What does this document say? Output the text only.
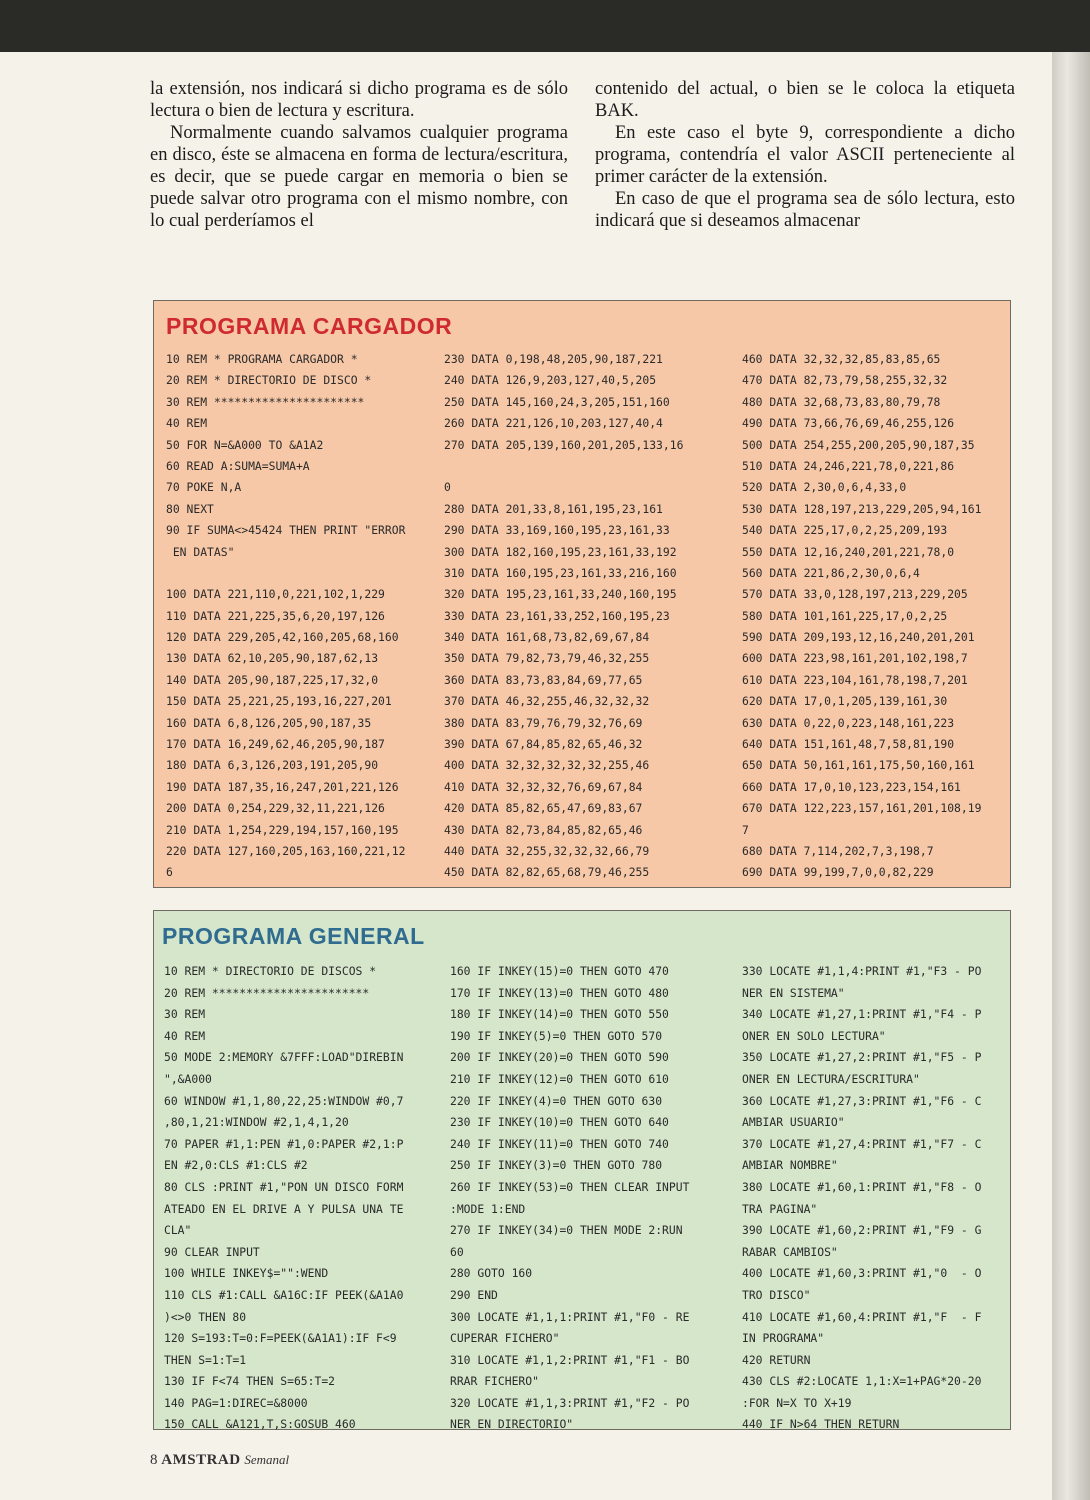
la extensión, nos indicará si dicho programa es de sólo lectura o bien de lectura y escritura.

Normalmente cuando salvamos cualquier programa en disco, éste se almacena en forma de lectura/escritura, es decir, que se puede cargar en memoria o bien se puede salvar otro programa con el mismo nombre, con lo cual perderíamos el

contenido del actual, o bien se le coloca la etiqueta BAK.

En este caso el byte 9, correspondiente a dicho programa, contendría el valor ASCII perteneciente al primer carácter de la extensión.

En caso de que el programa sea de sólo lectura, esto indicará que si deseamos almacenar

PROGRAMA CARGADOR
10 REM * PROGRAMA CARGADOR *
20 REM * DIRECTORIO DE DISCO *
30 REM **********************
40 REM
50 FOR N=&A000 TO &A1A2
60 READ A:SUMA=SUMA+A
70 POKE N,A
80 NEXT
90 IF SUMA<>45424 THEN PRINT "ERROR
EN DATAS"
100 DATA 221,110,0,221,102,1,229
110 DATA 221,225,35,6,20,197,126
120 DATA 229,205,42,160,205,68,160
130 DATA 62,10,205,90,187,62,13
140 DATA 205,90,187,225,17,32,0
150 DATA 25,221,25,193,16,227,201
160 DATA 6,8,126,205,90,187,35
170 DATA 16,249,62,46,205,90,187
180 DATA 6,3,126,203,191,205,90
190 DATA 187,35,16,247,201,221,126
200 DATA 0,254,229,32,11,221,126
210 DATA 1,254,229,194,157,160,195
220 DATA 127,160,205,163,160,221,12
6
230 DATA 0,198,48,205,90,187,221
240 DATA 126,9,203,127,40,5,205
250 DATA 145,160,24,3,205,151,160
260 DATA 221,126,10,203,127,40,4
270 DATA 205,139,160,201,205,133,16
0
280 DATA 201,33,8,161,195,23,161
290 DATA 33,169,160,195,23,161,33
300 DATA 182,160,195,23,161,33,192
310 DATA 160,195,23,161,33,216,160
320 DATA 195,23,161,33,240,160,195
330 DATA 23,161,33,252,160,195,23
340 DATA 161,68,73,82,69,67,84
350 DATA 79,82,73,79,46,32,255
360 DATA 83,73,83,84,69,77,65
370 DATA 46,32,255,46,32,32,32
380 DATA 83,79,76,79,32,76,69
390 DATA 67,84,85,82,65,46,32
400 DATA 32,32,32,32,32,255,46
410 DATA 32,32,32,76,69,67,84
420 DATA 85,82,65,47,69,83,67
430 DATA 82,73,84,85,82,65,46
440 DATA 32,255,32,32,32,66,79
450 DATA 82,82,65,68,79,46,255
460 DATA 32,32,32,85,83,85,65
470 DATA 82,73,79,58,255,32,32
480 DATA 32,68,73,83,80,79,78
490 DATA 73,66,76,69,46,255,126
500 DATA 254,255,200,205,90,187,35
510 DATA 24,246,221,78,0,221,86
520 DATA 2,30,0,6,4,33,0
530 DATA 128,197,213,229,205,94,161
540 DATA 225,17,0,2,25,209,193
550 DATA 12,16,240,201,221,78,0
560 DATA 221,86,2,30,0,6,4
570 DATA 33,0,128,197,213,229,205
580 DATA 101,161,225,17,0,2,25
590 DATA 209,193,12,16,240,201,201
600 DATA 223,98,161,201,102,198,7
610 DATA 223,104,161,78,198,7,201
620 DATA 17,0,1,205,139,161,30
630 DATA 0,22,0,223,148,161,223
640 DATA 151,161,48,7,58,81,190
650 DATA 50,161,161,175,50,160,161
660 DATA 17,0,10,123,223,154,161
670 DATA 122,223,157,161,201,108,19
7
680 DATA 7,114,202,7,3,198,7
690 DATA 99,199,7,0,0,82,229
PROGRAMA GENERAL
10 REM * DIRECTORIO DE DISCOS *
20 REM ***********************
30 REM
40 REM
50 MODE 2:MEMORY &7FFF:LOAD"DIREBIN
",&A000
60 WINDOW #1,1,80,22,25:WINDOW #0,7
,80,1,21:WINDOW #2,1,4,1,20
70 PAPER #1,1:PEN #1,0:PAPER #2,1:P
EN #2,0:CLS #1:CLS #2
80 CLS :PRINT #1,"PON UN DISCO FORM
ATEADO EN EL DRIVE A Y PULSA UNA TE
CLA"
90 CLEAR INPUT
100 WHILE INKEY$="":WEND
110 CLS #1:CALL &A16C:IF PEEK(&A1A0
)<>0 THEN 80
120 S=193:T=0:F=PEEK(&A1A1):IF F<9
THEN S=1:T=1
130 IF F<74 THEN S=65:T=2
140 PAG=1:DIREC=&8000
150 CALL &A121,T,S:GOSUB 460
160 IF INKEY(15)=0 THEN GOTO 470
170 IF INKEY(13)=0 THEN GOTO 480
180 IF INKEY(14)=0 THEN GOTO 550
190 IF INKEY(5)=0 THEN GOTO 570
200 IF INKEY(20)=0 THEN GOTO 590
210 IF INKEY(12)=0 THEN GOTO 610
220 IF INKEY(4)=0 THEN GOTO 630
230 IF INKEY(10)=0 THEN GOTO 640
240 IF INKEY(11)=0 THEN GOTO 740
250 IF INKEY(3)=0 THEN GOTO 780
260 IF INKEY(53)=0 THEN CLEAR INPUT
:MODE 1:END
270 IF INKEY(34)=0 THEN MODE 2:RUN
60
280 GOTO 160
290 END
300 LOCATE #1,1,1:PRINT #1,"F0 - RE
CUPERAR FICHERO"
310 LOCATE #1,1,2:PRINT #1,"F1 - BO
RRAR FICHERO"
320 LOCATE #1,1,3:PRINT #1,"F2 - PO
NER EN DIRECTORIO"
330 LOCATE #1,1,4:PRINT #1,"F3 - PO
NER EN SISTEMA"
340 LOCATE #1,27,1:PRINT #1,"F4 - P
ONER EN SOLO LECTURA"
350 LOCATE #1,27,2:PRINT #1,"F5 - P
ONER EN LECTURA/ESCRITURA"
360 LOCATE #1,27,3:PRINT #1,"F6 - C
AMBIAR USUARIO"
370 LOCATE #1,27,4:PRINT #1,"F7 - C
AMBIAR NOMBRE"
380 LOCATE #1,60,1:PRINT #1,"F8 - O
TRA PAGINA"
390 LOCATE #1,60,2:PRINT #1,"F9 - G
RABAR CAMBIOS"
400 LOCATE #1,60,3:PRINT #1,"0  - O
TRO DISCO"
410 LOCATE #1,60,4:PRINT #1,"F  - F
IN PROGRAMA"
420 RETURN
430 CLS #2:LOCATE 1,1:X=1+PAG*20-20
:FOR N=X TO X+19
440 IF N>64 THEN RETURN
8 AMSTRAD Semanal
